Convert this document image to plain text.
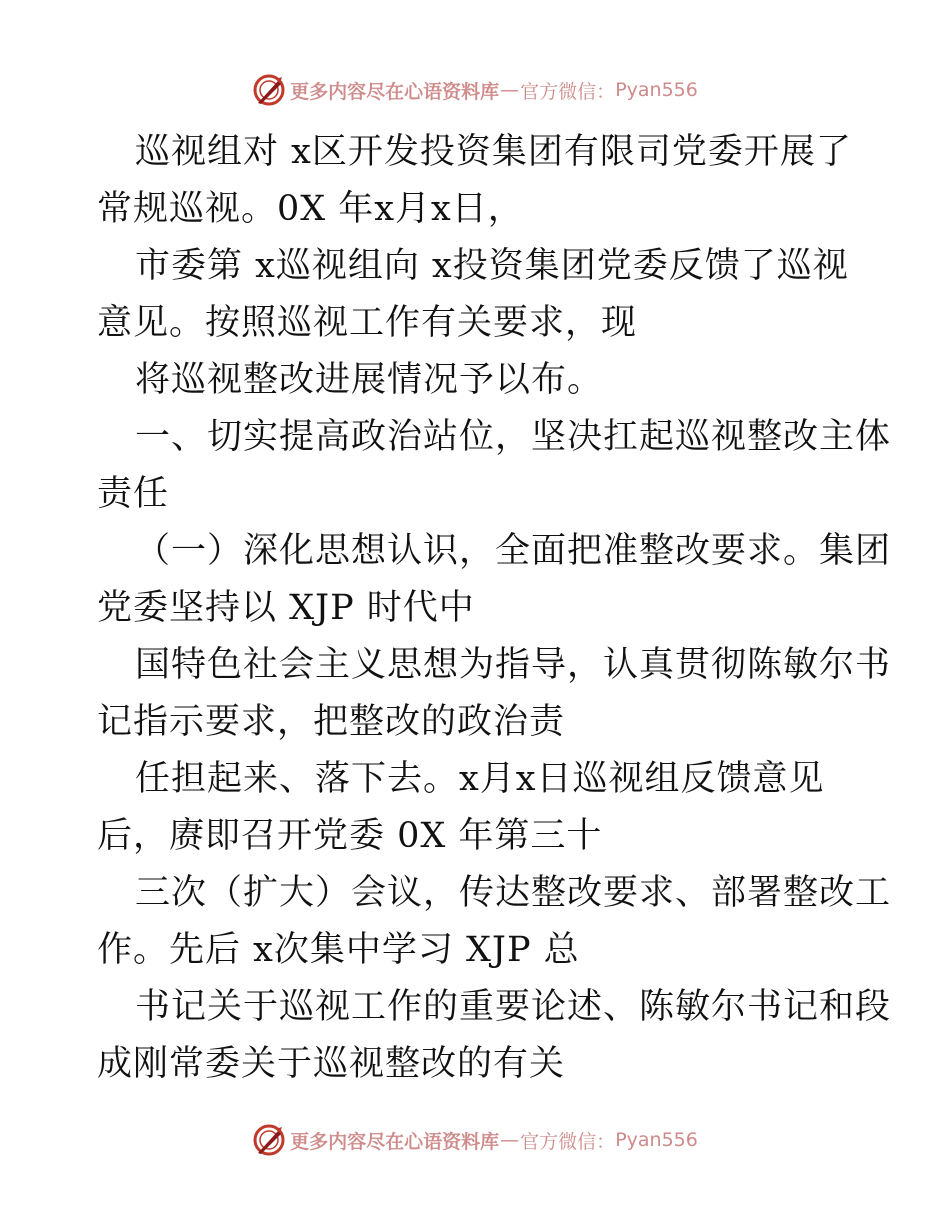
更多内容尽在心语资料库 — 官方微信： Pyan556
巡视组对 x区开发投资集团有限司党委开展了
常规巡视。0X 年x月x日，
市委第 x巡视组向 x投资集团党委反馈了巡视
意见。按照巡视工作有关要求，现
将巡视整改进展情况予以布。
一、切实提高政治站位，坚决扛起巡视整改主体
责任
（一）深化思想认识，全面把准整改要求。集团
党委坚持以 XJP 时代中
国特色社会主义思想为指导，认真贯彻陈敏尔书
记指示要求，把整改的政治责
任担起来、落下去。x月x日巡视组反馈意见
后，赓即召开党委 0X 年第三十
三次（扩大）会议，传达整改要求、部署整改工
作。先后 x次集中学习 XJP 总
书记关于巡视工作的重要论述、陈敏尔书记和段
成刚常委关于巡视整改的有关
更多内容尽在心语资料库 — 官方微信： Pyan556
